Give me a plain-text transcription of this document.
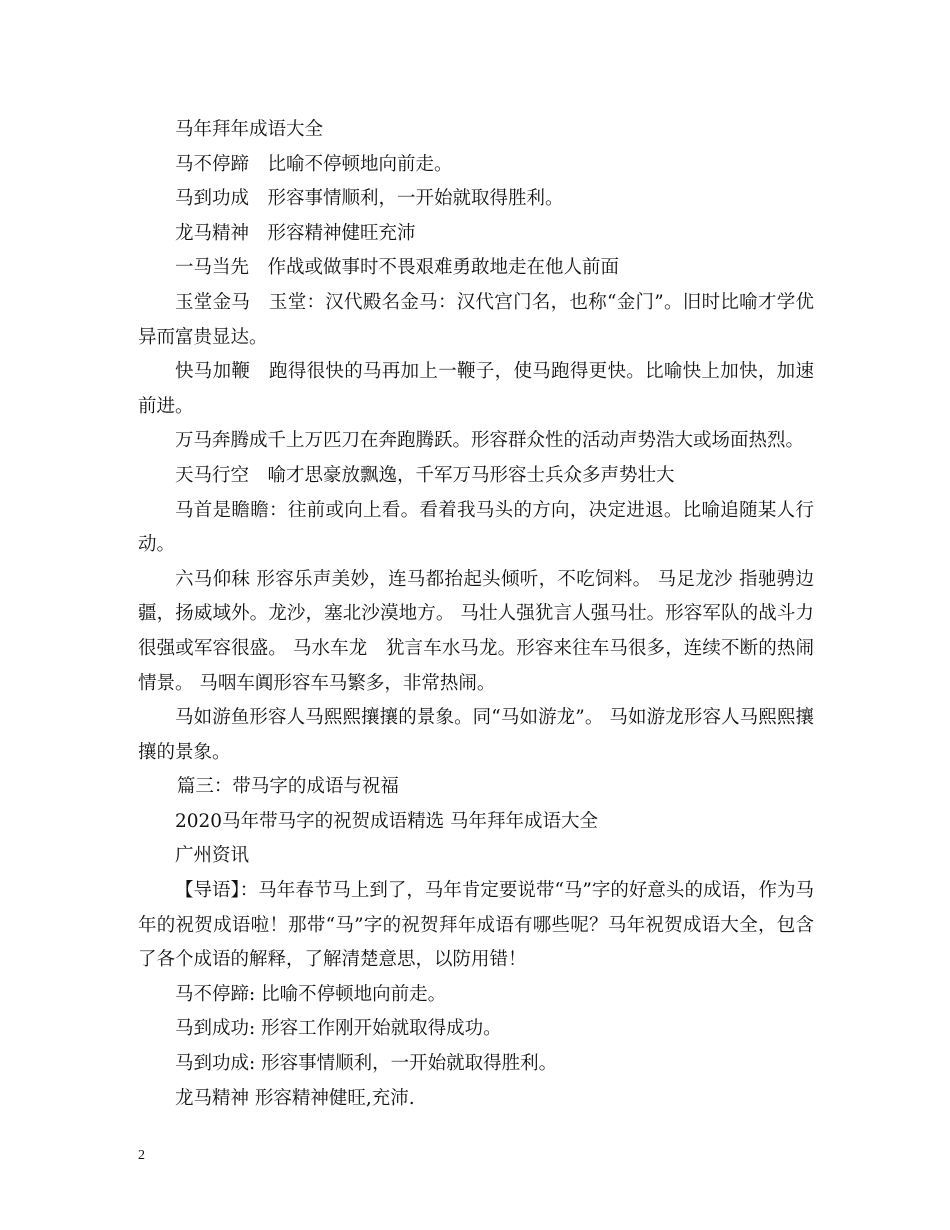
马年拜年成语大全

马不停蹄　比喻不停顿地向前走。

马到功成　形容事情顺利，一开始就取得胜利。

龙马精神　形容精神健旺充沛

一马当先　作战或做事时不畏艰难勇敢地走在他人前面

玉堂金马　玉堂：汉代殿名金马：汉代宫门名，也称“金门”。旧时比喻才学优异而富贵显达。

快马加鞭　跑得很快的马再加上一鞭子，使马跑得更快。比喻快上加快，加速前进。

万马奔腾成千上万匹刀在奔跑腾跃。形容群众性的活动声势浩大或场面热烈。

天马行空　喻才思豪放飘逸，千军万马形容士兵众多声势壮大

马首是瞻瞻：往前或向上看。看着我马头的方向，决定进退。比喻追随某人行动。

六马仰秣 形容乐声美妙，连马都抬起头倾听，不吃饲料。 马足龙沙 指驰骋边疆，扬威域外。龙沙，塞北沙漠地方。 马壮人强犹言人强马壮。形容军队的战斗力很强或军容很盛。 马水车龙　犹言车水马龙。形容来往车马很多，连续不断的热闹情景。 马咽车阗形容车马繁多，非常热闹。

马如游鱼形容人马熙熙攘攘的景象。同“马如游龙”。 马如游龙形容人马熙熙攘攘的景象。

篇三：带马字的成语与祝福

2020马年带马字的祝贺成语精选 马年拜年成语大全

广州资讯

【导语】：马年春节马上到了，马年肯定要说带“马”字的好意头的成语，作为马年的祝贺成语啦！那带“马”字的祝贺拜年成语有哪些呢？马年祝贺成语大全，包含了各个成语的解释，了解清楚意思，以防用错！

马不停蹄: 比喻不停顿地向前走。

马到成功: 形容工作刚开始就取得成功。

马到功成: 形容事情顺利，一开始就取得胜利。

龙马精神 形容精神健旺,充沛.

2
